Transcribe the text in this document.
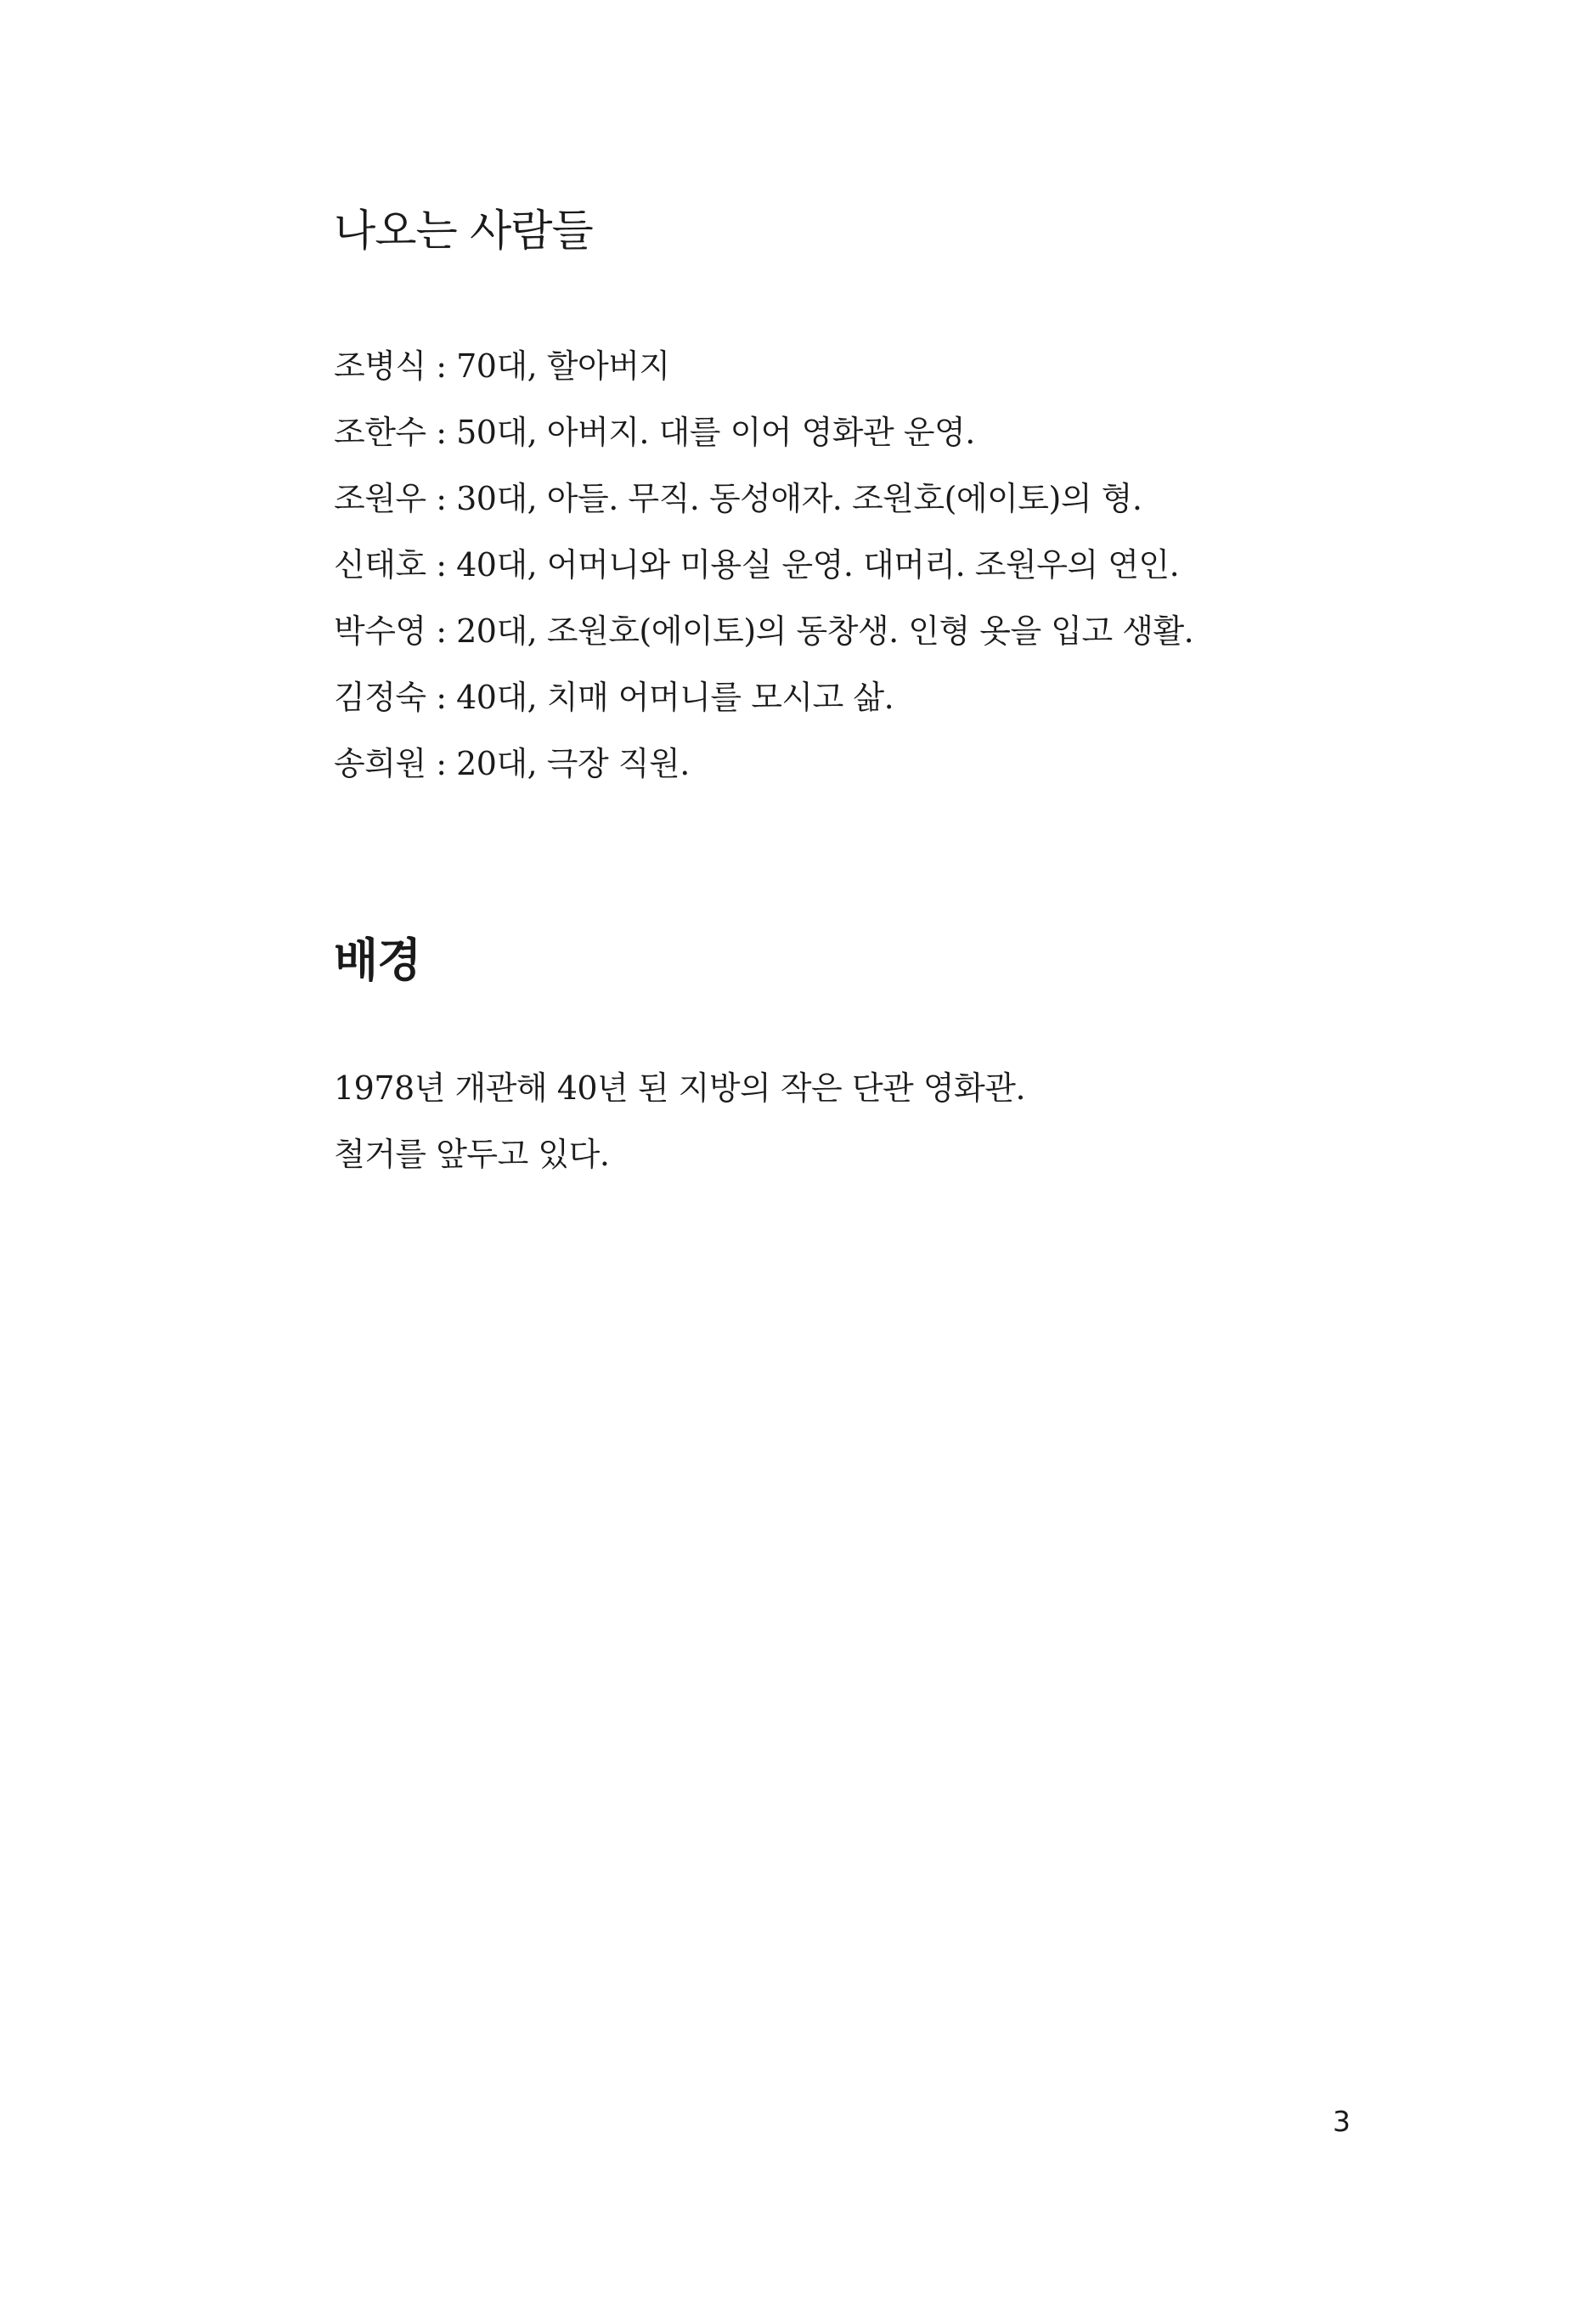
나오는 사람들
조병식 : 70대, 할아버지
조한수 : 50대, 아버지. 대를 이어 영화관 운영.
조원우 : 30대, 아들. 무직. 동성애자. 조원호(에이토)의 형.
신태호 : 40대, 어머니와 미용실 운영. 대머리. 조원우의 연인.
박수영 : 20대, 조원호(에이토)의 동창생. 인형 옷을 입고 생활.
김정숙 : 40대, 치매 어머니를 모시고 삶.
송희원 : 20대, 극장 직원.
배경

1978년 개관해 40년 된 지방의 작은 단관 영화관.

철거를 앞두고 있다.

3
